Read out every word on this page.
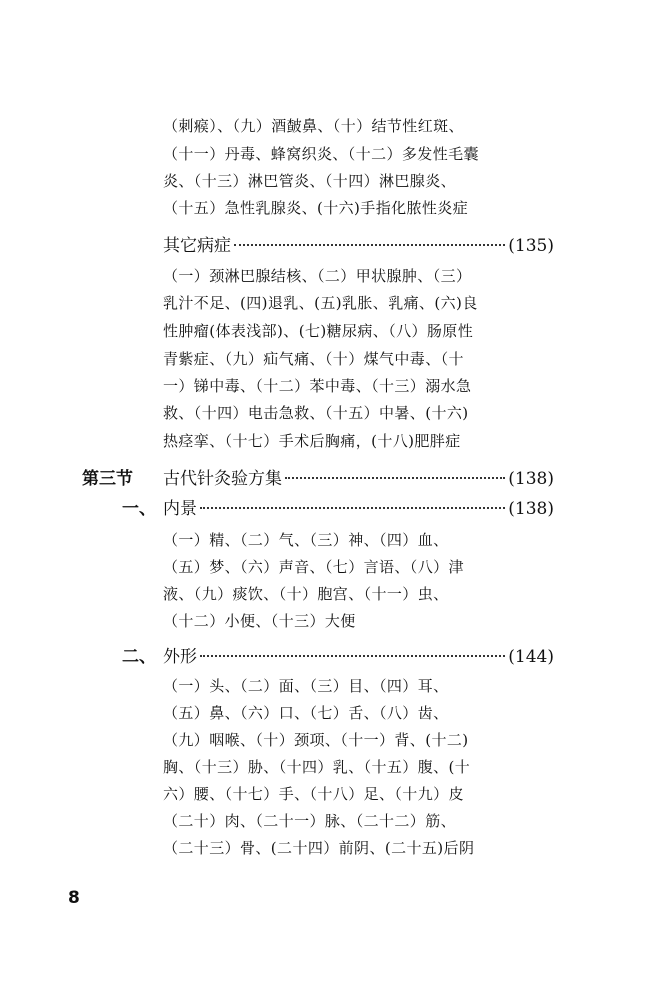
（刺瘊）、（九）酒皶鼻、（十）结节性红斑、
（十一）丹毒、蜂窝织炎、（十二）多发性毛囊
炎、（十三）淋巴管炎、（十四）淋巴腺炎、
（十五）急性乳腺炎、(十六)手指化脓性炎症
其它病症	(135)
（一）颈淋巴腺结核、（二）甲状腺肿、（三）
乳汁不足、(四)退乳、(五)乳胀、乳痛、(六)良
性肿瘤(体表浅部)、(七)糖尿病、（八）肠原性
青紫症、（九）疝气痛、（十）煤气中毒、（十
一）锑中毒、（十二）苯中毒、（十三）溺水急
救、（十四）电击急救、（十五）中暑、(十六)
热痉挛、（十七）手术后胸痛，(十八)肥胖症
第三节 古代针灸验方集	(138)
一、 内景	(138)
（一）精、（二）气、（三）神、（四）血、
（五）梦、（六）声音、（七）言语、（八）津
液、（九）痰饮、（十）胞宫、（十一）虫、
（十二）小便、（十三）大便
二、 外形	(144)
（一）头、（二）面、（三）目、（四）耳、
（五）鼻、（六）口、（七）舌、（八）齿、
（九）咽喉、（十）颈项、（十一）背、(十二)
胸、（十三）胁、（十四）乳、（十五）腹、(十
六）腰、（十七）手、（十八）足、（十九）皮
（二十）肉、（二十一）脉、（二十二）筋、
（二十三）骨、(二十四）前阴、(二十五)后阴
8
